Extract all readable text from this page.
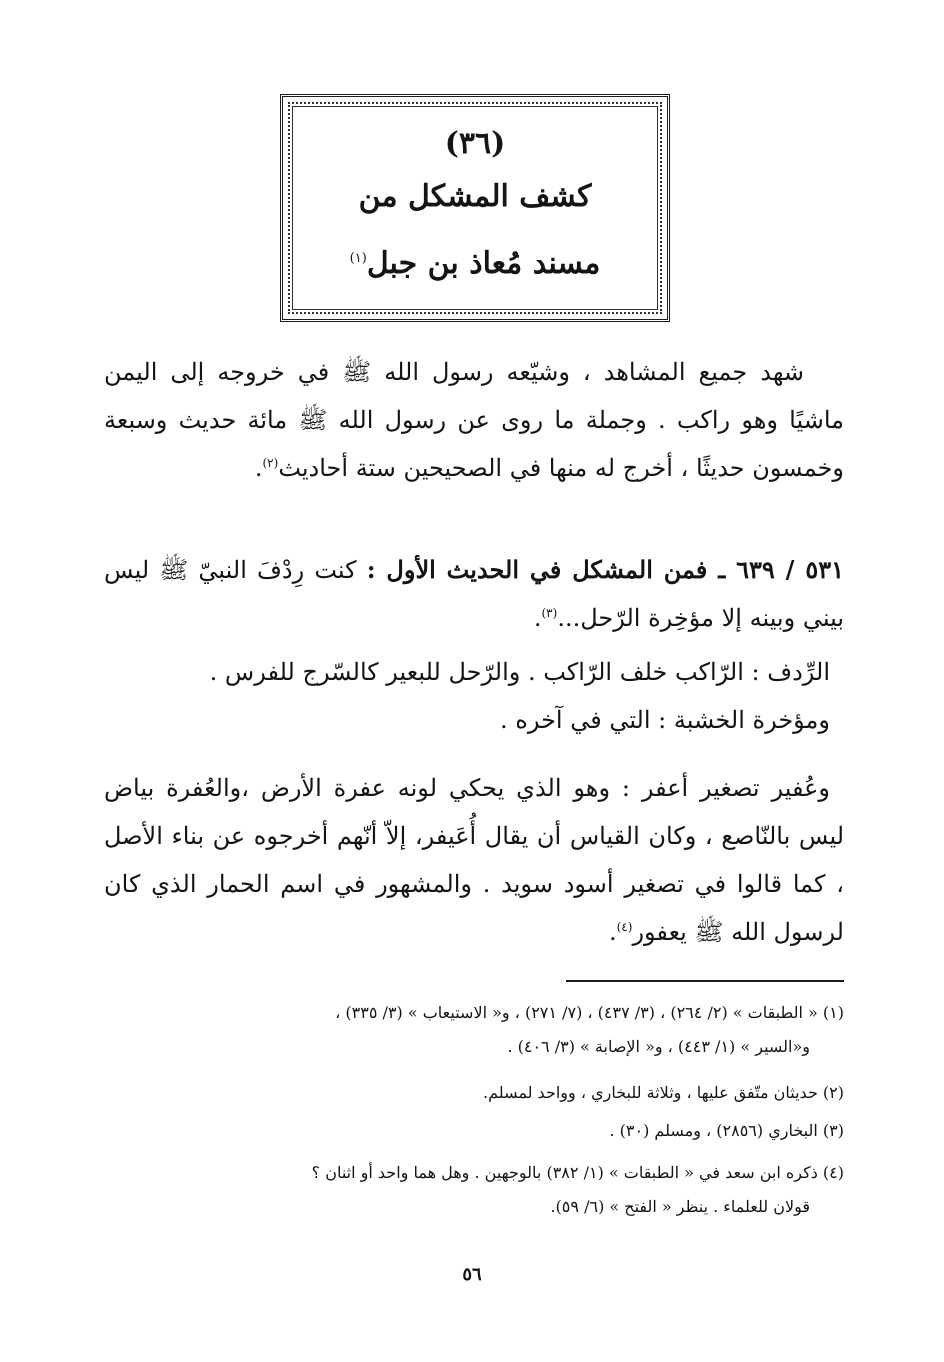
(٣٦)
كشف المشكل من
مسند مُعاذ بن جبل$^{(١)}$
شهد جميع المشاهد ، وشيّعه رسول الله ﷺ في خروجه إلى اليمن ماشيًا وهو راكب . وجملة ما روى عن رسول الله ﷺ مائة حديث وسبعة وخمسون حديثًا ، أخرج له منها في الصحيحين ستة أحاديث$^{(٢)}$.
٥٣١ / ٦٣٩ ـ فمن المشكل في الحديث الأول : كنت رِدْفَ النبيّ ﷺ ليس بيني وبينه إلا مؤخِرة الرّحل...$^{(٣)}$.
الرِّدف : الرّاكب خلف الرّاكب . والرّحل للبعير كالسّرج للفرس .
ومؤخرة الخشبة : التي في آخره .
وعُفير تصغير أعفر : وهو الذي يحكي لونه عفرة الأرض ،والعُفرة بياض ليس بالنّاصع ، وكان القياس أن يقال أُعَيفر، إلاّ أنّهم أخرجوه عن بناء الأصل ، كما قالوا في تصغير أسود سويد . والمشهور في اسم الحمار الذي كان لرسول الله ﷺ يعفور$^{(٤)}$.
(١) « الطبقات » (٢/ ٢٦٤) ، (٣/ ٤٣٧) ، (٧/ ٢٧١) ، و« الاستيعاب » (٣/ ٣٣٥) ،
و«السير » (١/ ٤٤٣) ، و« الإصابة » (٣/ ٤٠٦) .
(٢) حديثان متّفق عليها ، وثلاثة للبخاري ، وواحد لمسلم.
(٣) البخاري (٢٨٥٦) ، ومسلم (٣٠) .
(٤) ذكره ابن سعد في « الطبقات » (١/ ٣٨٢) بالوجهين . وهل هما واحد أو اثنان ؟
قولان للعلماء . ينظر « الفتح » (٦/ ٥٩).
٥٦
